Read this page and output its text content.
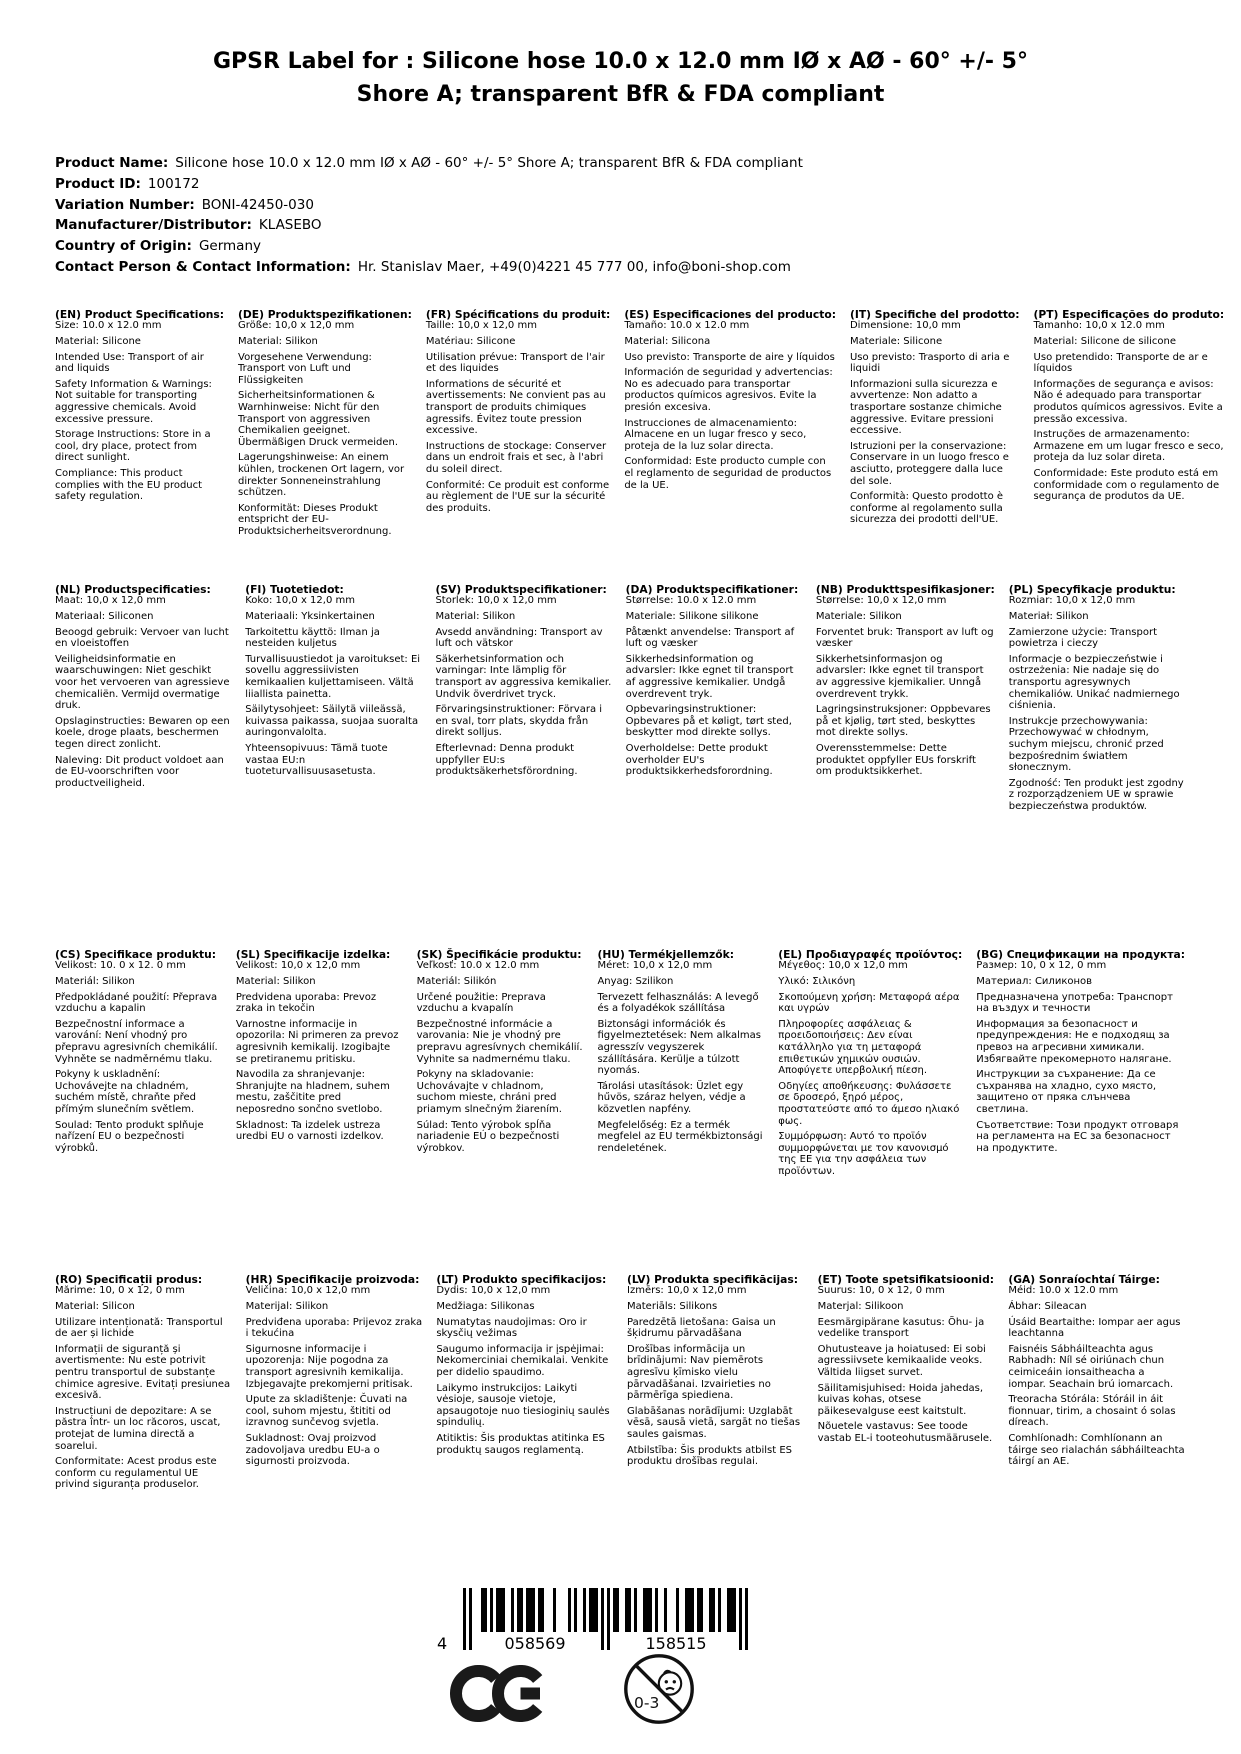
GPSR Label for : Silicone hose 10.0 x 12.0 mm IØ x AØ - 60° +/- 5°
Shore A; transparent BfR & FDA compliant
Product Name: Silicone hose 10.0 x 12.0 mm IØ x AØ - 60° +/- 5° Shore A; transparent BfR & FDA compliant
Product ID: 100172
Variation Number: BONI-42450-030
Manufacturer/Distributor: KLASEBO
Country of Origin: Germany
Contact Person & Contact Information: Hr. Stanislav Maer, +49(0)4221 45 777 00, info@boni-shop.com
(EN) Product Specifications:

Size: 10.0 x 12.0 mm

Material: Silicone

Intended Use: Transport of air and liquids

Safety Information & Warnings: Not suitable for transporting aggressive chemicals. Avoid excessive pressure.

Storage Instructions: Store in a cool, dry place, protect from direct sunlight.

Compliance: This product complies with the EU product safety regulation.

(DE) Produktspezifikationen:

Größe: 10,0 x 12,0 mm

Material: Silikon

Vorgesehene Verwendung: Transport von Luft und Flüssigkeiten

Sicherheitsinformationen & Warnhinweise: Nicht für den Transport von aggressiven Chemikalien geeignet. Übermäßigen Druck vermeiden.

Lagerungshinweise: An einem kühlen, trockenen Ort lagern, vor direkter Sonneneinstrahlung schützen.

Konformität: Dieses Produkt entspricht der EU-Produktsicherheitsverordnung.

(FR) Spécifications du produit:

Taille: 10,0 x 12,0 mm

Matériau: Silicone

Utilisation prévue: Transport de l'air et des liquides

Informations de sécurité et avertissements: Ne convient pas au transport de produits chimiques agressifs. Évitez toute pression excessive.

Instructions de stockage: Conserver dans un endroit frais et sec, à l'abri du soleil direct.

Conformité: Ce produit est conforme au règlement de l'UE sur la sécurité des produits.

(ES) Especificaciones del producto:

Tamaño: 10.0 x 12.0 mm

Material: Silicona

Uso previsto: Transporte de aire y líquidos

Información de seguridad y advertencias: No es adecuado para transportar productos químicos agresivos. Evite la presión excesiva.

Instrucciones de almacenamiento: Almacene en un lugar fresco y seco, proteja de la luz solar directa.

Conformidad: Este producto cumple con el reglamento de seguridad de productos de la UE.

(IT) Specifiche del prodotto:

Dimensione: 10,0 mm

Materiale: Silicone

Uso previsto: Trasporto di aria e liquidi

Informazioni sulla sicurezza e avvertenze: Non adatto a trasportare sostanze chimiche aggressive. Evitare pressioni eccessive.

Istruzioni per la conservazione: Conservare in un luogo fresco e asciutto, proteggere dalla luce del sole.

Conformità: Questo prodotto è conforme al regolamento sulla sicurezza dei prodotti dell'UE.

(PT) Especificações do produto:

Tamanho: 10,0 x 12.0 mm

Material: Silicone de silicone

Uso pretendido: Transporte de ar e líquidos

Informações de segurança e avisos: Não é adequado para transportar produtos químicos agressivos. Evite a pressão excessiva.

Instruções de armazenamento: Armazene em um lugar fresco e seco, proteja da luz solar direta.

Conformidade: Este produto está em conformidade com o regulamento de segurança de produtos da UE.

(NL) Productspecificaties:

Maat: 10,0 x 12,0 mm

Materiaal: Siliconen

Beoogd gebruik: Vervoer van lucht en vloeistoffen

Veiligheidsinformatie en waarschuwingen: Niet geschikt voor het vervoeren van agressieve chemicaliën. Vermijd overmatige druk.

Opslaginstructies: Bewaren op een koele, droge plaats, beschermen tegen direct zonlicht.

Naleving: Dit product voldoet aan de EU-voorschriften voor productveiligheid.

(FI) Tuotetiedot:

Koko: 10,0 x 12,0 mm

Materiaali: Yksinkertainen

Tarkoitettu käyttö: Ilman ja nesteiden kuljetus

Turvallisuustiedot ja varoitukset: Ei sovellu aggressiivisten kemikaalien kuljettamiseen. Vältä liiallista painetta.

Säilytysohjeet: Säilytä viileässä, kuivassa paikassa, suojaa suoralta auringonvalolta.

Yhteensopivuus: Tämä tuote vastaa EU:n tuoteturvallisuusasetusta.

(SV) Produktspecifikationer:

Storlek: 10,0 x 12,0 mm

Material: Silikon

Avsedd användning: Transport av luft och vätskor

Säkerhetsinformation och varningar: Inte lämplig för transport av aggressiva kemikalier. Undvik överdrivet tryck.

Förvaringsinstruktioner: Förvara i en sval, torr plats, skydda från direkt solljus.

Efterlevnad: Denna produkt uppfyller EU:s produktsäkerhetsförordning.

(DA) Produktspecifikationer:

Størrelse: 10.0 x 12.0 mm

Materiale: Silikone silikone

Påtænkt anvendelse: Transport af luft og væsker

Sikkerhedsinformation og advarsler: Ikke egnet til transport af aggressive kemikalier. Undgå overdrevent tryk.

Opbevaringsinstruktioner: Opbevares på et køligt, tørt sted, beskytter mod direkte sollys.

Overholdelse: Dette produkt overholder EU's produktsikkerhedsforordning.

(NB) Produkttspesifikasjoner:

Størrelse: 10,0 x 12,0 mm

Materiale: Silikon

Forventet bruk: Transport av luft og væsker

Sikkerhetsinformasjon og advarsler: Ikke egnet til transport av aggressive kjemikalier. Unngå overdrevent trykk.

Lagringsinstruksjoner: Oppbevares på et kjølig, tørt sted, beskyttes mot direkte sollys.

Overensstemmelse: Dette produktet oppfyller EUs forskrift om produktsikkerhet.

(PL) Specyfikacje produktu:

Rozmiar: 10,0 x 12,0 mm

Materiał: Silikon

Zamierzone użycie: Transport powietrza i cieczy

Informacje o bezpieczeństwie i ostrzeżenia: Nie nadaje się do transportu agresywnych chemikaliów. Unikać nadmiernego ciśnienia.

Instrukcje przechowywania: Przechowywać w chłodnym, suchym miejscu, chronić przed bezpośrednim światłem słonecznym.

Zgodność: Ten produkt jest zgodny z rozporządzeniem UE w sprawie bezpieczeństwa produktów.

(CS) Specifikace produktu:

Velikost: 10. 0 x 12. 0 mm

Materiál: Silikon

Předpokládané použití: Přeprava vzduchu a kapalin

Bezpečnostní informace a varování: Není vhodný pro přepravu agresivních chemikálií. Vyhněte se nadměrnému tlaku.

Pokyny k uskladnění: Uchovávejte na chladném, suchém místě, chraňte před přímým slunečním světlem.

Soulad: Tento produkt splňuje nařízení EU o bezpečnosti výrobků.

(SL) Specifikacije izdelka:

Velikost: 10,0 x 12,0 mm

Material: Silikon

Predvidena uporaba: Prevoz zraka in tekočin

Varnostne informacije in opozorila: Ni primeren za prevoz agresivnih kemikalij. Izogibajte se pretiranemu pritisku.

Navodila za shranjevanje: Shranjujte na hladnem, suhem mestu, zaščitite pred neposredno sončno svetlobo.

Skladnost: Ta izdelek ustreza uredbi EU o varnosti izdelkov.

(SK) Špecifikácie produktu:

Veľkosť: 10.0 x 12.0 mm

Materiál: Silikón

Určené použitie: Preprava vzduchu a kvapalín

Bezpečnostné informácie a varovania: Nie je vhodný pre prepravu agresívnych chemikálií. Vyhnite sa nadmernému tlaku.

Pokyny na skladovanie: Uchovávajte v chladnom, suchom mieste, chráni pred priamym slnečným žiarením.

Súlad: Tento výrobok spĺňa nariadenie EÚ o bezpečnosti výrobkov.

(HU) Termékjellemzők:

Méret: 10,0 x 12,0 mm

Anyag: Szilikon

Tervezett felhasználás: A levegő és a folyadékok szállítása

Biztonsági információk és figyelmeztetések: Nem alkalmas agresszív vegyszerek szállítására. Kerülje a túlzott nyomás.

Tárolási utasítások: Üzlet egy hűvös, száraz helyen, védje a közvetlen napfény.

Megfelelőség: Ez a termék megfelel az EU termékbiztonsági rendeletének.

(EL) Προδιαγραφές προϊόντος:

Μέγεθος: 10,0 x 12,0 mm

Υλικό: Σιλικόνη

Σκοπούμενη χρήση: Μεταφορά αέρα και υγρών

Πληροφορίες ασφάλειας & προειδοποιήσεις: Δεν είναι κατάλληλο για τη μεταφορά επιθετικών χημικών ουσιών. Αποφύγετε υπερβολική πίεση.

Οδηγίες αποθήκευσης: Φυλάσσετε σε δροσερό, ξηρό μέρος, προστατεύστε από το άμεσο ηλιακό φως.

Συμμόρφωση: Αυτό το προϊόν συμμορφώνεται με τον κανονισμό της ΕΕ για την ασφάλεια των προϊόντων.

(BG) Спецификации на продукта:

Размер: 10, 0 x 12, 0 mm

Материал: Силиконов

Предназначена употреба: Транспорт на въздух и течности

Информация за безопасност и предупреждения: Не е подходящ за превоз на агресивни химикали. Избягвайте прекомерното налягане.

Инструкции за съхранение: Да се съхранява на хладно, сухо място, защитено от пряка слънчева светлина.

Съответствие: Този продукт отговаря на регламента на ЕС за безопасност на продуктите.

(RO) Specificații produs:

Mărime: 10, 0 x 12, 0 mm

Material: Silicon

Utilizare intenționată: Transportul de aer și lichide

Informații de siguranță și avertismente: Nu este potrivit pentru transportul de substanțe chimice agresive. Evitați presiunea excesivă.

Instrucțiuni de depozitare: A se păstra într- un loc răcoros, uscat, protejat de lumina directă a soarelui.

Conformitate: Acest produs este conform cu regulamentul UE privind siguranța produselor.

(HR) Specifikacije proizvoda:

Veličina: 10,0 x 12,0 mm

Materijal: Silikon

Predviđena uporaba: Prijevoz zraka i tekućina

Sigurnosne informacije i upozorenja: Nije pogodna za transport agresivnih kemikalija. Izbjegavajte prekomjerni pritisak.

Upute za skladištenje: Čuvati na cool, suhom mjestu, štititi od izravnog sunčevog svjetla.

Sukladnost: Ovaj proizvod zadovoljava uredbu EU-a o sigurnosti proizvoda.

(LT) Produkto specifikacijos:

Dydis: 10,0 x 12,0 mm

Medžiaga: Silikonas

Numatytas naudojimas: Oro ir skysčių vežimas

Saugumo informacija ir įspėjimai: Nekomerciniai chemikalai. Venkite per didelio spaudimo.

Laikymo instrukcijos: Laikyti vėsioje, sausoje vietoje, apsaugotoje nuo tiesioginių saulės spindulių.

Atitiktis: Šis produktas atitinka ES produktų saugos reglamentą.

(LV) Produkta specifikācijas:

Izmērs: 10,0 x 12,0 mm

Materiāls: Silikons

Paredzētā lietošana: Gaisa un šķidrumu pārvadāšana

Drošības informācija un brīdinājumi: Nav piemērots agresīvu ķīmisko vielu pārvadāšanai. Izvairieties no pārmērīga spiediena.

Glabāšanas norādījumi: Uzglabāt vēsā, sausā vietā, sargāt no tiešas saules gaismas.

Atbilstība: Šis produkts atbilst ES produktu drošības regulai.

(ET) Toote spetsifikatsioonid:

Suurus: 10, 0 x 12, 0 mm

Materjal: Silikoon

Eesmärgipärane kasutus: Õhu- ja vedelike transport

Ohutusteave ja hoiatused: Ei sobi agressiivsete kemikaalide veoks. Vältida liigset survet.

Säilitamisjuhised: Hoida jahedas, kuivas kohas, otsese päikesevalguse eest kaitstult.

Nõuetele vastavus: See toode vastab EL-i tooteohutusmäärusele.

(GA) Sonraíochtaí Táirge:

Méid: 10.0 x 12.0 mm

Ábhar: Sileacan

Úsáid Beartaithe: Iompar aer agus leachtanna

Faisnéis Sábháilteachta agus Rabhadh: Níl sé oiriúnach chun ceimiceáin ionsaitheacha a iompar. Seachain brú iomarcach.

Treoracha Stórála: Stóráil in áit fionnuar, tirim, a chosaint ó solas díreach.

Comhlíonadh: Comhlíonann an táirge seo rialachán sábháilteachta táirgí an AE.

4	058569	158515
0-3
